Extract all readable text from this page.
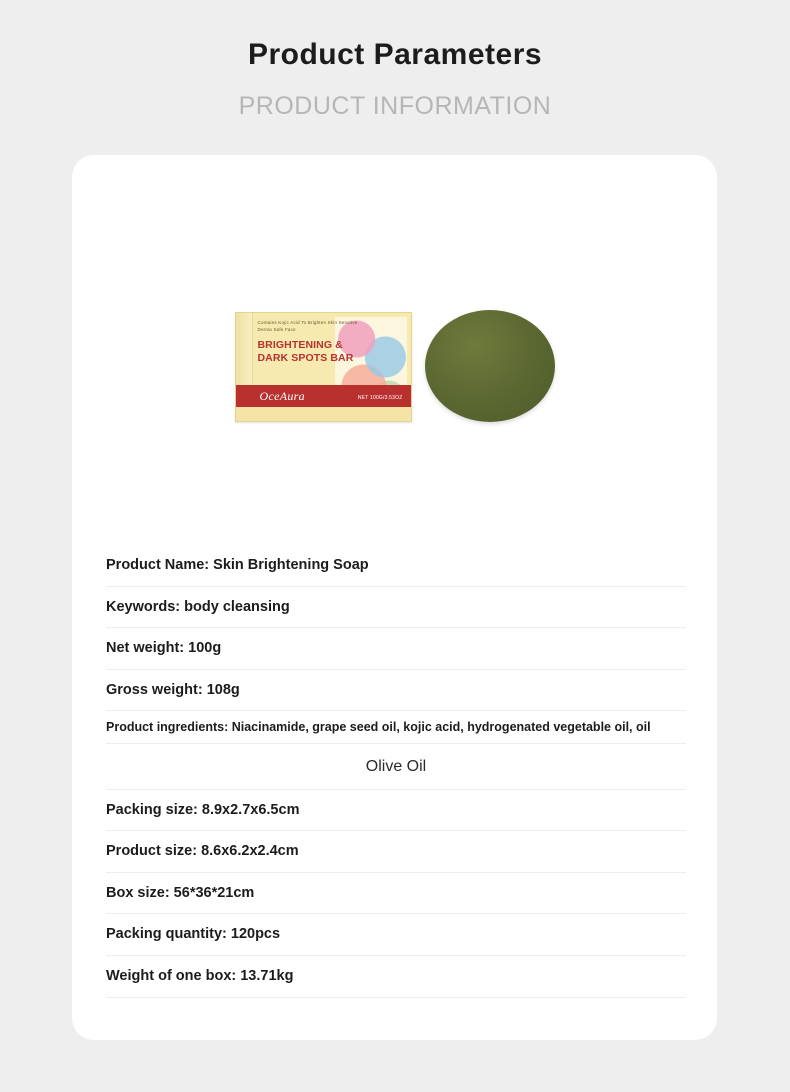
Product Parameters
PRODUCT INFORMATION
Contains Kojic Acid To Brighten Skin Sensitve Derma Safe Face
BRIGHTENING & DARK SPOTS BAR
OceAura	NET 100G/3.53OZ
Product Name: Skin Brightening Soap
Keywords: body cleansing
Net weight: 100g
Gross weight: 108g
Product ingredients: Niacinamide, grape seed oil, kojic acid, hydrogenated vegetable oil, oil
Olive Oil
Packing size: 8.9x2.7x6.5cm
Product size: 8.6x6.2x2.4cm
Box size: 56*36*21cm
Packing quantity: 120pcs
Weight of one box: 13.71kg
